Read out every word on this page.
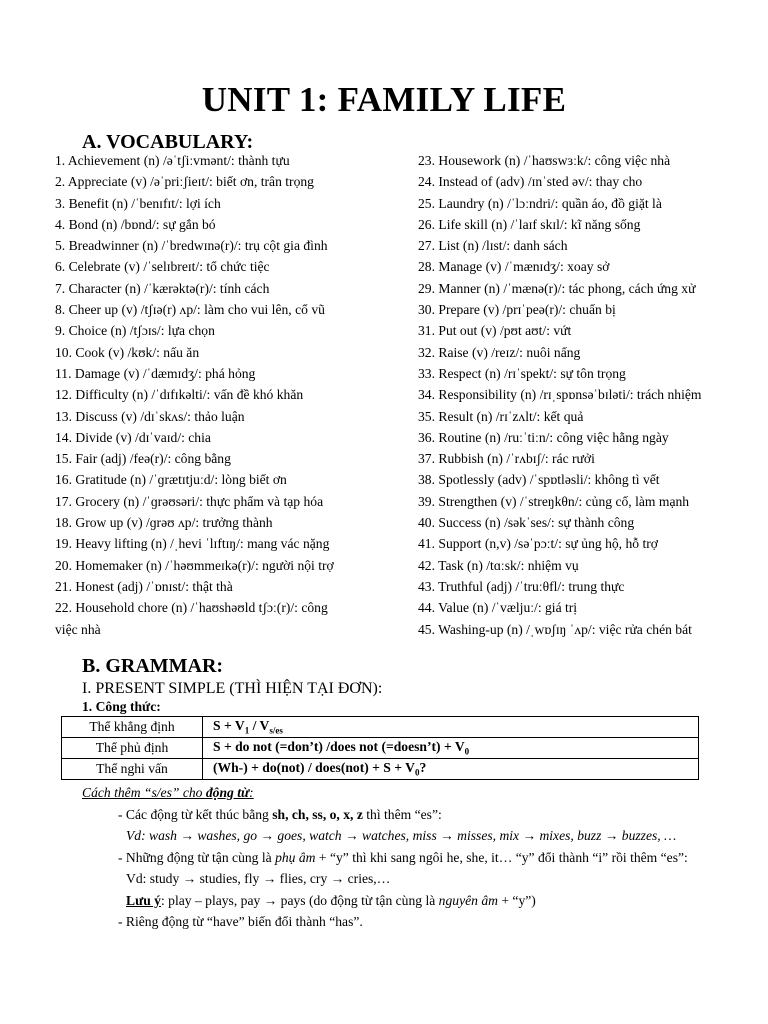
UNIT 1: FAMILY LIFE
A. VOCABULARY:
1. Achievement (n) /əˈtʃiːvmənt/: thành tựu
2. Appreciate (v) /əˈpriːʃieɪt/: biết ơn, trân trọng
3. Benefit (n) /ˈbenɪfɪt/: lợi ích
4. Bond (n) /bɒnd/: sự gắn bó
5. Breadwinner (n) /ˈbredwɪnə(r)/: trụ cột gia đình
6. Celebrate (v) /ˈselɪbreɪt/: tổ chức tiệc
7. Character (n) /ˈkærəktə(r)/: tính cách
8. Cheer up (v) /tʃɪə(r) ʌp/: làm cho vui lên, cổ vũ
9. Choice (n) /tʃɔɪs/: lựa chọn
10. Cook (v) /kʊk/: nấu ăn
11. Damage (v) /ˈdæmɪdʒ/: phá hỏng
12. Difficulty (n) /ˈdɪfɪkəlti/: vấn đề khó khăn
13. Discuss (v) /dɪˈskʌs/: thảo luận
14. Divide (v) /dɪˈvaɪd/: chia
15. Fair (adj) /feə(r)/: công bằng
16. Gratitude (n) /ˈɡrætɪtjuːd/: lòng biết ơn
17. Grocery (n) /ˈɡrəʊsəri/: thực phẩm và tạp hóa
18. Grow up (v) /ɡrəʊ ʌp/: trưởng thành
19. Heavy lifting (n) /ˌhevi ˈlɪftɪŋ/: mang vác nặng
20. Homemaker (n) /ˈhəʊmmeɪkə(r)/: người nội trợ
21. Honest (adj) /ˈɒnɪst/: thật thà
22. Household chore (n) /ˈhaʊshəʊld tʃɔː(r)/: công
việc nhà
23. Housework (n) /ˈhaʊswɜːk/: công việc nhà
24. Instead of (adv) /ɪnˈsted əv/: thay cho
25. Laundry (n) /ˈlɔːndri/: quần áo, đồ giặt là
26. Life skill (n) /ˈlaɪf skɪl/: kĩ năng sống
27. List (n) /lɪst/: danh sách
28. Manage (v) /ˈmænɪdʒ/: xoay sở
29. Manner (n) /ˈmænə(r)/: tác phong, cách ứng xử
30. Prepare (v) /prɪˈpeə(r)/: chuẩn bị
31. Put out (v) /pʊt aʊt/: vứt
32. Raise (v) /reɪz/: nuôi nấng
33. Respect (n) /rɪˈspekt/: sự tôn trọng
34. Responsibility (n) /rɪˌspɒnsəˈbɪləti/: trách nhiệm
35. Result (n) /rɪˈzʌlt/: kết quả
36. Routine (n) /ruːˈtiːn/: công việc hằng ngày
37. Rubbish (n) /ˈrʌbɪʃ/: rác rưởi
38. Spotlessly (adv) /ˈspɒtləsli/: không tì vết
39. Strengthen (v) /ˈstreŋkθn/: củng cố, làm mạnh
40. Success (n) /səkˈses/: sự thành công
41. Support (n,v) /səˈpɔːt/: sự ủng hộ, hỗ trợ
42. Task (n) /tɑːsk/: nhiệm vụ
43. Truthful (adj) /ˈtruːθfl/: trung thực
44. Value (n) /ˈvæljuː/: giá trị
45. Washing-up (n) /ˌwɒʃɪŋ ˈʌp/: việc rửa chén bát
B. GRAMMAR:
I. PRESENT SIMPLE (THÌ HIỆN TẠI ĐƠN):
1. Công thức:
Thể khẳng định	$S + V_1 / V_{s/es}$
Thể phủ định	S + do not (=don’t) /does not (=doesn’t) + $V_0$
Thể nghi vấn	(Wh-) + do(not) / does(not) + $S + V_0$?
Cách thêm “s/es” cho động từ:
- Các động từ kết thúc bằng sh, ch, ss, o, x, z thì thêm “es”:
Vd: wash → washes, go → goes, watch → watches, miss → misses, mix → mixes, buzz → buzzes, …
- Những động từ tận cùng là phụ âm + “y” thì khi sang ngôi he, she, it… “y” đổi thành “i” rồi thêm “es”:
Vd: study → studies, fly → flies, cry → cries,…
Lưu ý: play – plays, pay → pays (do động từ tận cùng là nguyên âm + “y”)
- Riêng động từ “have” biến đổi thành “has”.
